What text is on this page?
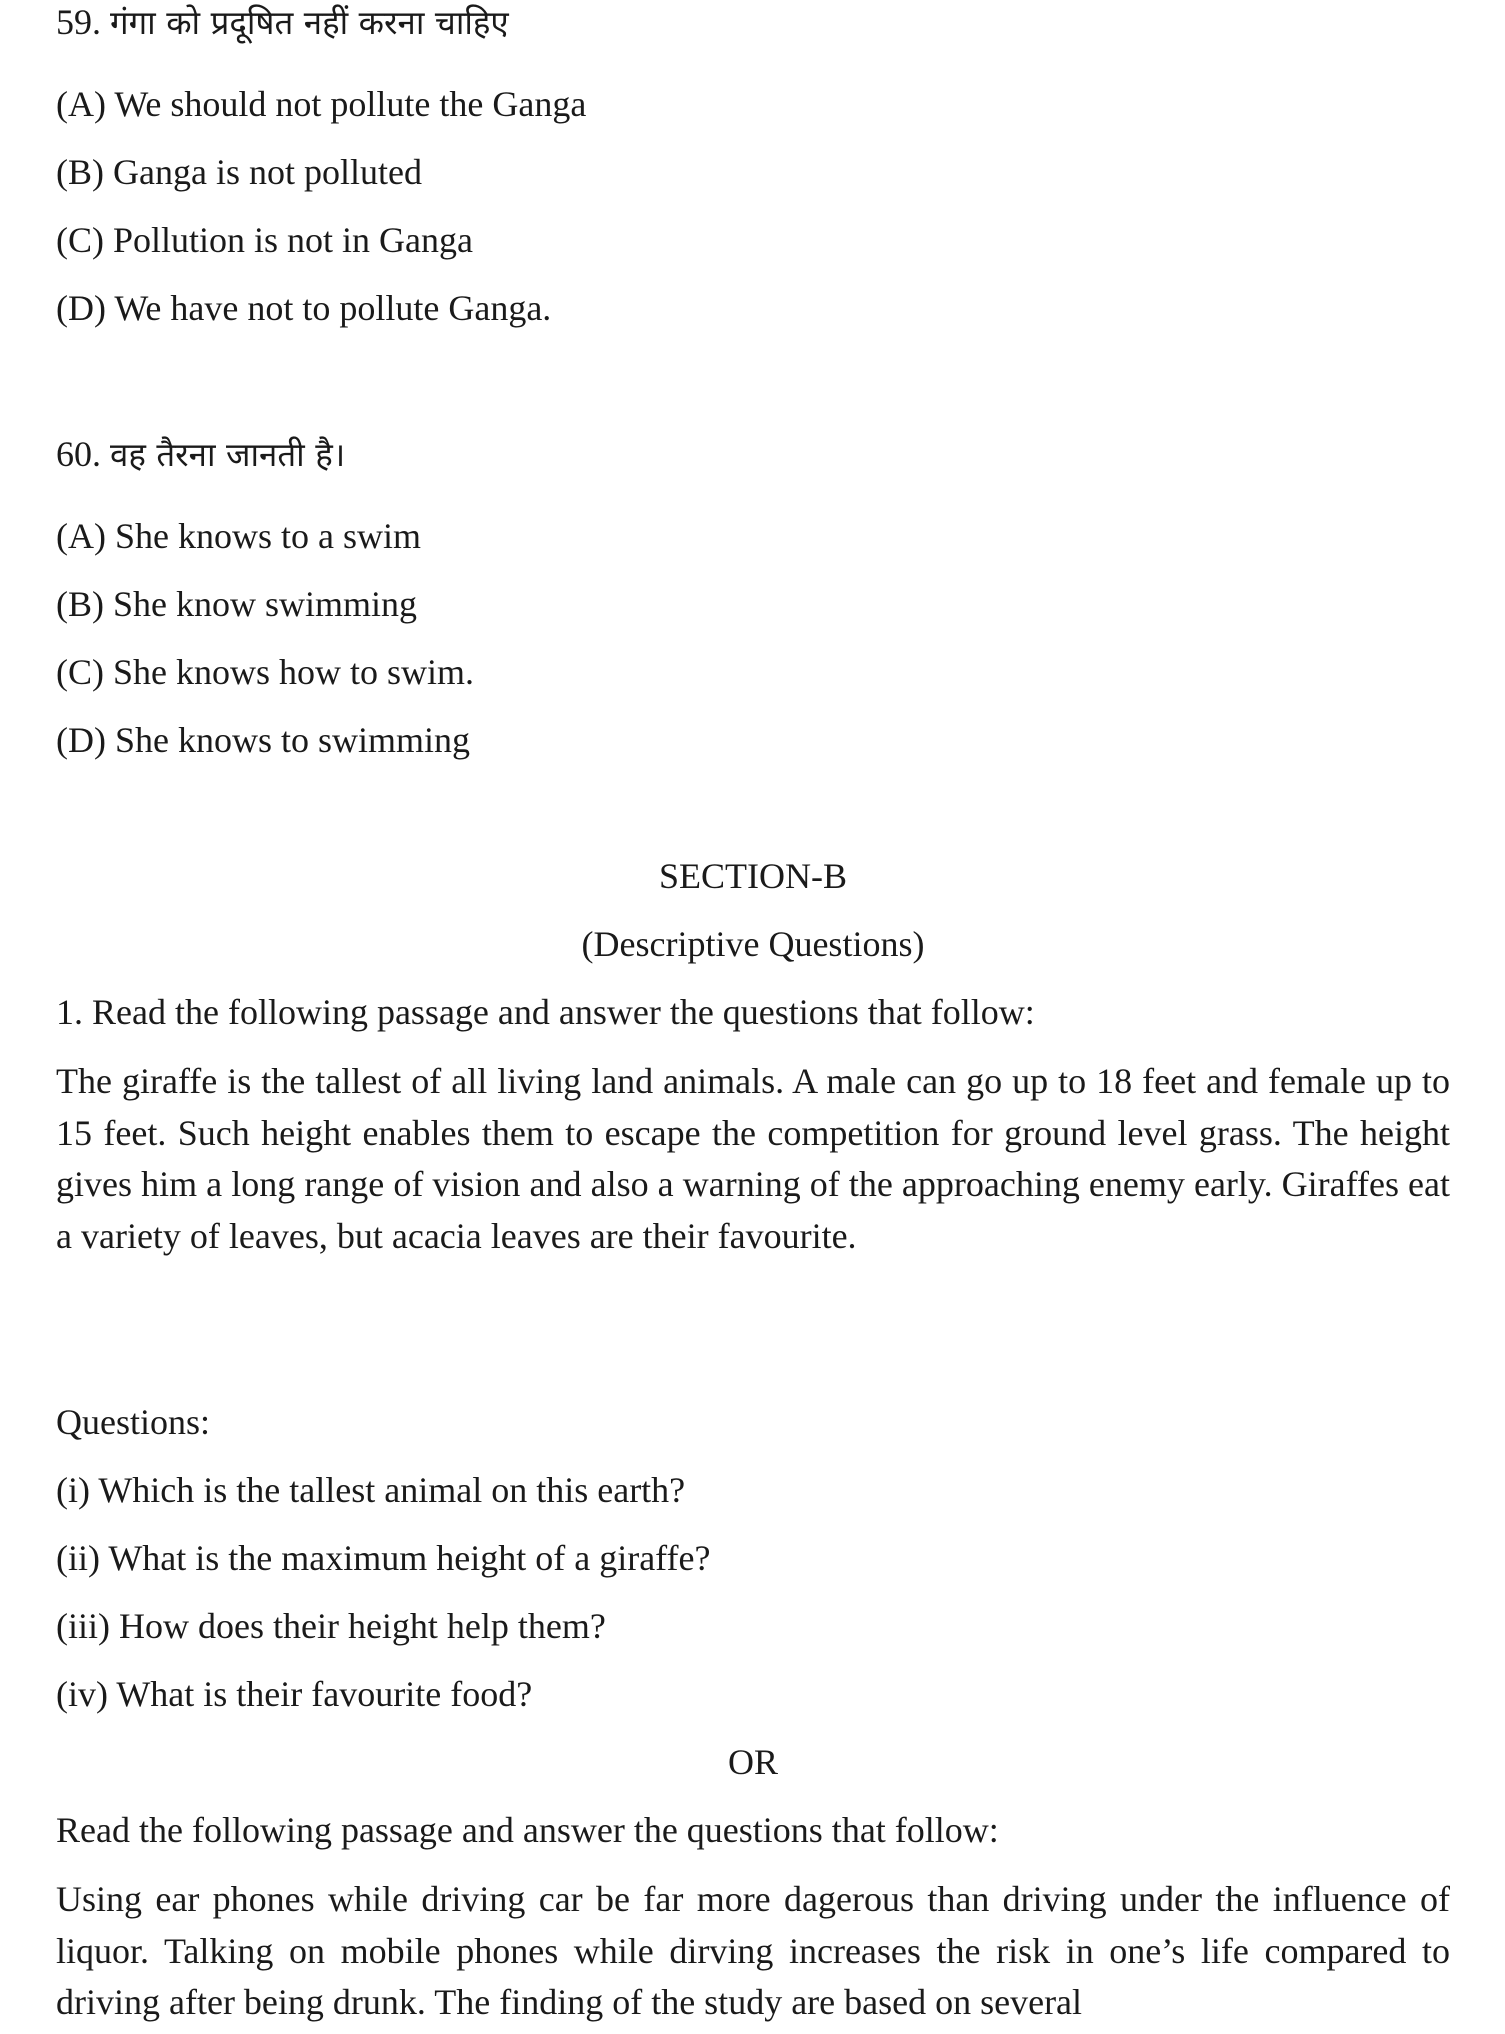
59. गंगा को प्रदूषित नहीं करना चाहिए
(A) We should not pollute the Ganga
(B) Ganga is not polluted
(C) Pollution is not in Ganga
(D) We have not to pollute Ganga.
60. वह तैरना जानती है।
(A) She knows to a swim
(B) She know swimming
(C) She knows how to swim.
(D) She knows to swimming
SECTION-B
(Descriptive Questions)
1. Read the following passage and answer the questions that follow:
The giraffe is the tallest of all living land animals. A male can go up to 18 feet and female up to 15 feet. Such height enables them to escape the competition for ground level grass. The height gives him a long range of vision and also a warning of the approaching enemy early. Giraffes eat a variety of leaves, but acacia leaves are their favourite.
Questions:
(i) Which is the tallest animal on this earth?
(ii) What is the maximum height of a giraffe?
(iii) How does their height help them?
(iv) What is their favourite food?
OR
Read the following passage and answer the questions that follow:
Using ear phones while driving car be far more dagerous than driving under the influence of liquor. Talking on mobile phones while dirving increases the risk in one’s life compared to driving after being drunk. The finding of the study are based on several
